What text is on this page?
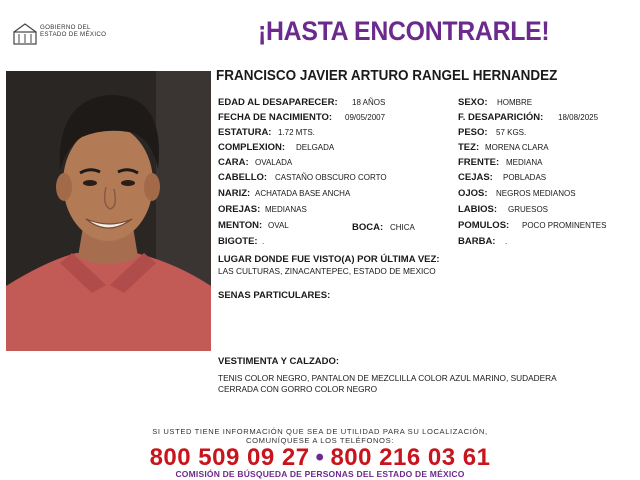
GOBIERNO DEL
ESTADO DE MÉXICO	¡HASTA ENCONTRARLE!
FRANCISCO JAVIER ARTURO RANGEL HERNANDEZ
EDAD AL DESAPARECER: 18 AÑOS
FECHA DE NACIMIENTO: 09/05/2007
ESTATURA: 1.72 MTS.
COMPLEXION: DELGADA
CARA: OVALADA
CABELLO: CASTAÑO OBSCURO CORTO
NARIZ: ACHATADA BASE ANCHA
OREJAS: MEDIANAS
MENTON: OVAL	BOCA: CHICA
BIGOTE: .
SEXO: HOMBRE
F. DESAPARICIÓN: 18/08/2025
PESO: 57 KGS.
TEZ: MORENA CLARA
FRENTE: MEDIANA
CEJAS: POBLADAS
OJOS: NEGROS MEDIANOS
LABIOS: GRUESOS
POMULOS: POCO PROMINENTES
BARBA: .
LUGAR DONDE FUE VISTO(A) POR ÚLTIMA VEZ:
LAS CULTURAS, ZINACANTEPEC, ESTADO DE MEXICO
SENAS PARTICULARES:
VESTIMENTA Y CALZADO:
TENIS COLOR NEGRO, PANTALON DE MEZCLILLA COLOR AZUL MARINO, SUDADERA
CERRADA CON GORRO COLOR NEGRO
SI USTED TIENE INFORMACIÓN QUE SEA DE UTILIDAD PARA SU LOCALIZACIÓN,
COMUNÍQUESE A LOS TELÉFONOS:
800 509 09 27 • 800 216 03 61
COMISIÓN DE BÚSQUEDA DE PERSONAS DEL ESTADO DE MÉXICO
